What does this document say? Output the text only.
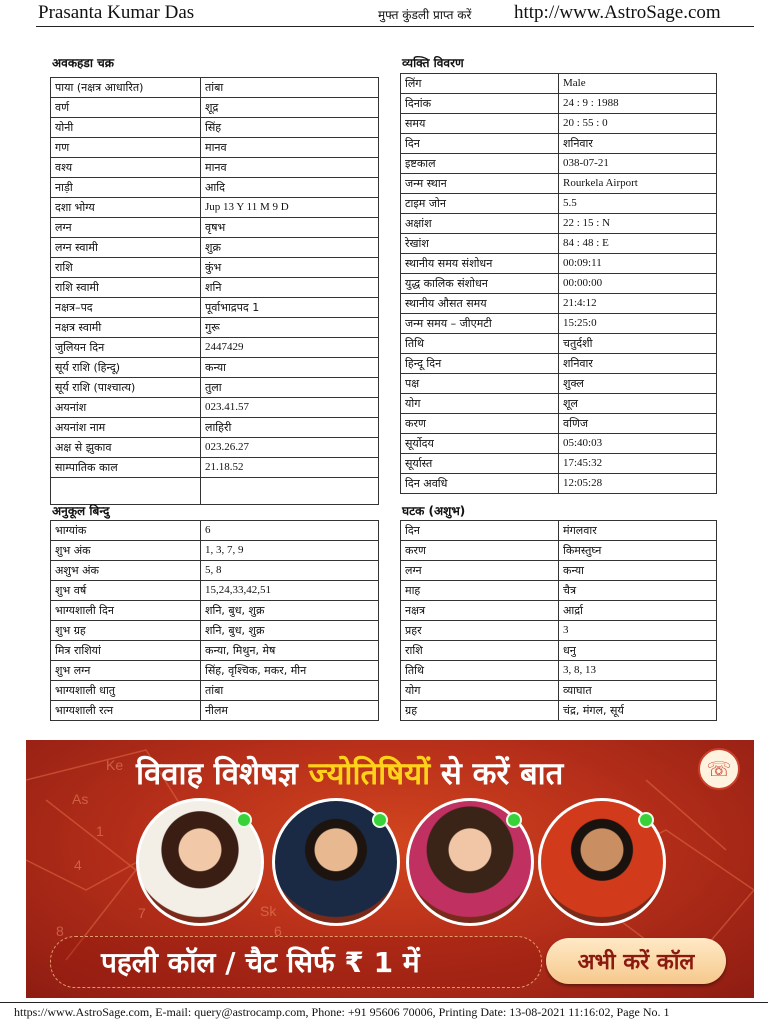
Prasanta Kumar Das	मुफ्त कुंडली प्राप्त करें http://www.AstroSage.com
अवकहडा चक्र
पाया (नक्षत्र आधारित)	तांबा
वर्ण	शूद्र
योनी	सिंह
गण	मानव
वश्य	मानव
नाड़ी	आदि
दशा भोग्य	Jup 13 Y 11 M 9 D
लग्न	वृषभ
लग्न स्वामी	शुक्र
राशि	कुंभ
राशि स्वामी	शनि
नक्षत्र–पद	पूर्वाभाद्रपद 1
नक्षत्र स्वामी	गुरू
जुलियन दिन	2447429
सूर्य राशि (हिन्दू)	कन्या
सूर्य राशि (पाश्चात्य)	तुला
अयनांश	023.41.57
अयनांश नाम	लाहिरी
अक्ष से झुकाव	023.26.27
साम्पातिक काल	21.18.52

व्यक्ति विवरण
लिंग	Male
दिनांक	24 : 9 : 1988
समय	20 : 55 : 0
दिन	शनिवार
इष्टकाल	038-07-21
जन्म स्थान	Rourkela Airport
टाइम जोन	5.5
अक्षांश	22 : 15 : N
रेखांश	84 : 48 : E
स्थानीय समय संशोधन	00:09:11
युद्ध कालिक संशोधन	00:00:00
स्थानीय औसत समय	21:4:12
जन्म समय – जीएमटी	15:25:0
तिथि	चतुर्दशी
हिन्दू दिन	शनिवार
पक्ष	शुक्ल
योग	शूल
करण	वणिज
सूर्योदय	05:40:03
सूर्यास्त	17:45:32
दिन अवधि	12:05:28
अनुकूल बिन्दु
भाग्यांक	6
शुभ अंक	1, 3, 7, 9
अशुभ अंक	5, 8
शुभ वर्ष	15,24,33,42,51
भाग्यशाली दिन	शनि, बुध, शुक्र
शुभ ग्रह	शनि, बुध, शुक्र
मित्र राशियां	कन्या, मिथुन, मेष
शुभ लग्न	सिंह, वृश्चिक, मकर, मीन
भाग्यशाली धातु	तांबा
भाग्यशाली रत्न	नीलम
घटक (अशुभ)
दिन	मंगलवार
करण	किमस्तुघ्न
लग्न	कन्या
माह	चैत्र
नक्षत्र	आर्द्रा
प्रहर	3
राशि	धनु
तिथि	3, 8, 13
योग	व्याघात
ग्रह	चंद्र, मंगल, सूर्य
Ke
As
1
4
7	Sk
6
8
विवाह विशेषज्ञ ज्योतिषियों से करें बात	☏
पहली कॉल / चैट सिर्फ ₹ 1 में	अभी करें कॉल
https://www.AstroSage.com, E-mail: query@astrocamp.com, Phone: +91 95606 70006, Printing Date: 13-08-2021 11:16:02, Page No. 1
